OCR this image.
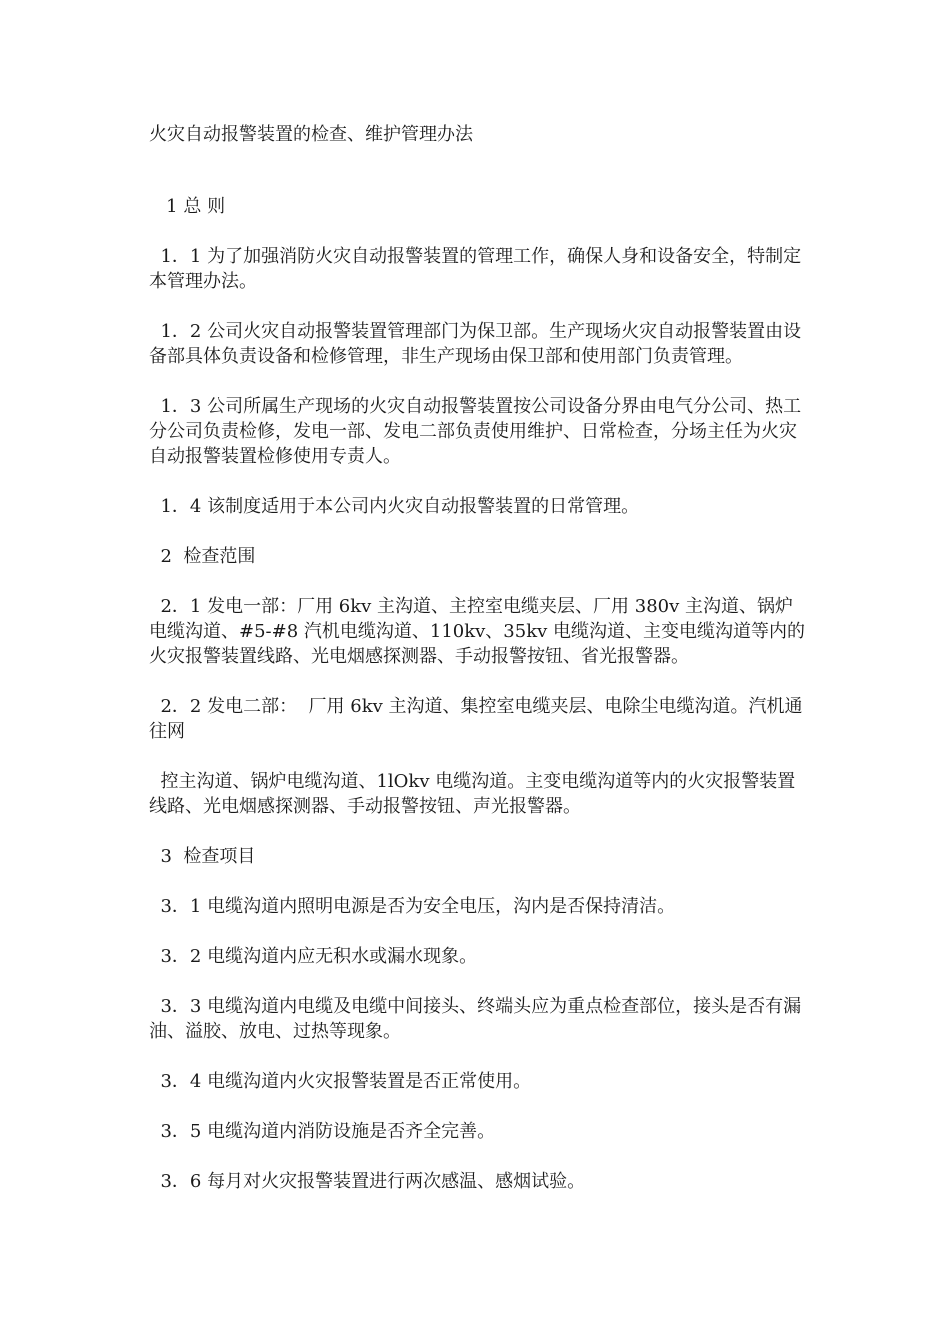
火灾自动报警装置的检查、维护管理办法
1 总 则
1．1 为了加强消防火灾自动报警装置的管理工作，确保人身和设备安全，特制定本管理办法。
1．2 公司火灾自动报警装置管理部门为保卫部。生产现场火灾自动报警装置由设备部具体负责设备和检修管理，非生产现场由保卫部和使用部门负责管理。
1．3 公司所属生产现场的火灾自动报警装置按公司设备分界由电气分公司、热工分公司负责检修，发电一部、发电二部负责使用维护、日常检查，分场主任为火灾自动报警装置检修使用专责人。
1．4 该制度适用于本公司内火灾自动报警装置的日常管理。
2  检查范围
2．1 发电一部：厂用 6kv 主沟道、主控室电缆夹层、厂用 380v 主沟道、锅炉电缆沟道、#5-#8 汽机电缆沟道、110kv、35kv 电缆沟道、主变电缆沟道等内的火灾报警装置线路、光电烟感探测器、手动报警按钮、省光报警器。
2．2 发电二部：  厂用 6kv 主沟道、集控室电缆夹层、电除尘电缆沟道。汽机通往网
控主沟道、锅炉电缆沟道、1lOkv 电缆沟道。主变电缆沟道等内的火灾报警装置线路、光电烟感探测器、手动报警按钮、声光报警器。
3  检查项目
3．1 电缆沟道内照明电源是否为安全电压，沟内是否保持清洁。
3．2 电缆沟道内应无积水或漏水现象。
3．3 电缆沟道内电缆及电缆中间接头、终端头应为重点检查部位，接头是否有漏油、溢胶、放电、过热等现象。
3．4 电缆沟道内火灾报警装置是否正常使用。
3．5 电缆沟道内消防设施是否齐全完善。
3．6 每月对火灾报警装置进行两次感温、感烟试验。
